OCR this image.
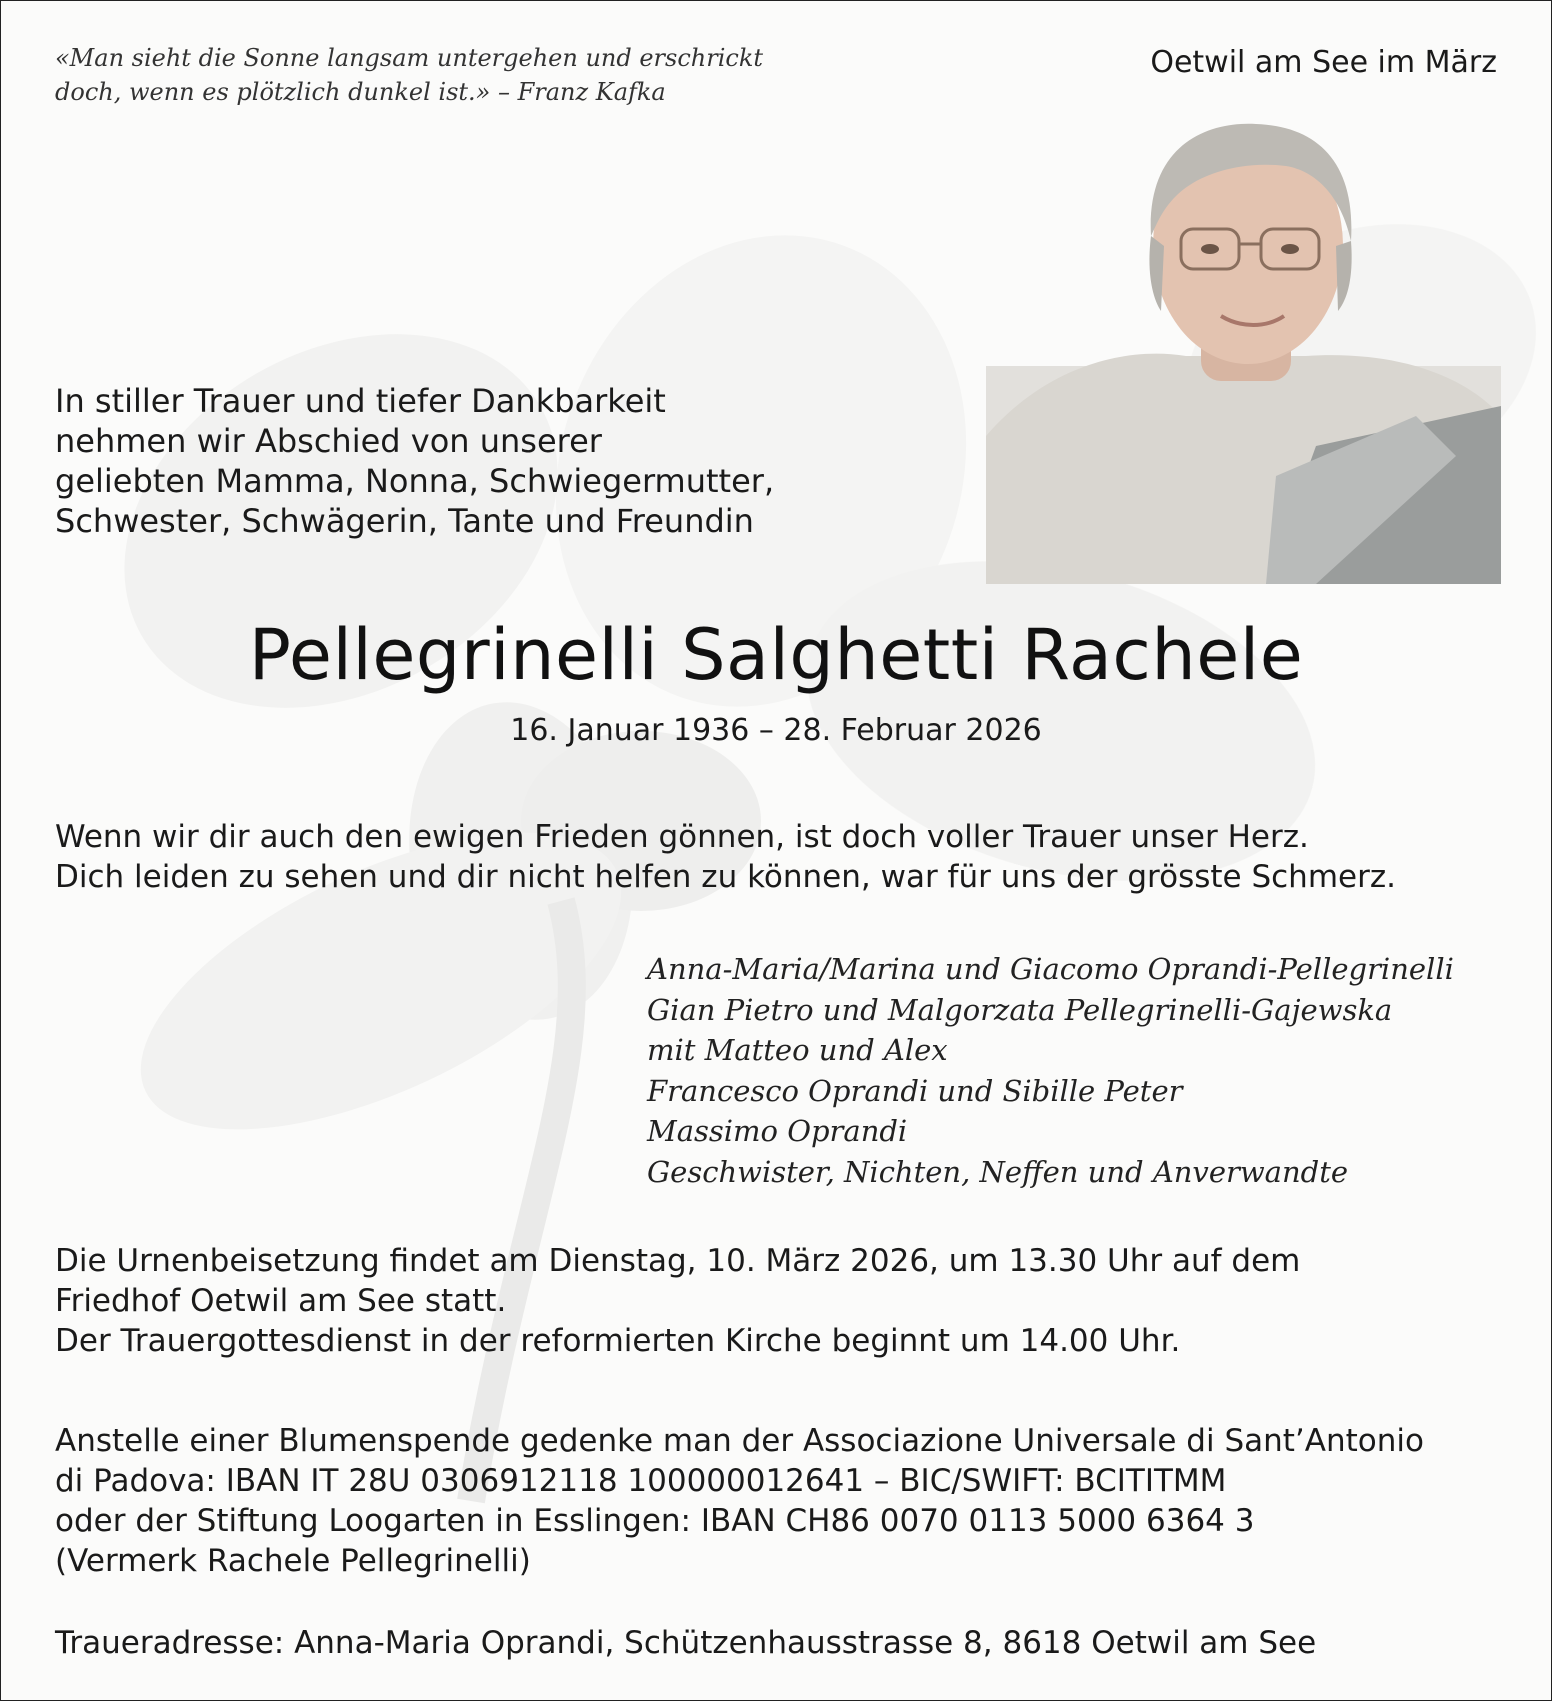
«Man sieht die Sonne langsam untergehen und erschrickt
doch, wenn es plötzlich dunkel ist.» – Franz Kafka
Oetwil am See im März
In stiller Trauer und tiefer Dankbarkeit
nehmen wir Abschied von unserer
geliebten Mamma, Nonna, Schwiegermutter,
Schwester, Schwägerin, Tante und Freundin
Pellegrinelli Salghetti Rachele
16. Januar 1936 – 28. Februar 2026
Wenn wir dir auch den ewigen Frieden gönnen, ist doch voller Trauer unser Herz.
Dich leiden zu sehen und dir nicht helfen zu können, war für uns der grösste Schmerz.
Anna-Maria/Marina und Giacomo Oprandi-Pellegrinelli
Gian Pietro und Malgorzata Pellegrinelli-Gajewska
mit Matteo und Alex
Francesco Oprandi und Sibille Peter
Massimo Oprandi
Geschwister, Nichten, Neffen und Anverwandte
Die Urnenbeisetzung findet am Dienstag, 10. März 2026, um 13.30 Uhr auf dem
Friedhof Oetwil am See statt.
Der Trauergottesdienst in der reformierten Kirche beginnt um 14.00 Uhr.
Anstelle einer Blumenspende gedenke man der Associazione Universale di Sant’Antonio
di Padova: IBAN IT 28U 0306912118 100000012641 – BIC/SWIFT: BCITITMM
oder der Stiftung Loogarten in Esslingen: IBAN CH86 0070 0113 5000 6364 3
(Vermerk Rachele Pellegrinelli)
Traueradresse: Anna-Maria Oprandi, Schützenhausstrasse 8, 8618 Oetwil am See
